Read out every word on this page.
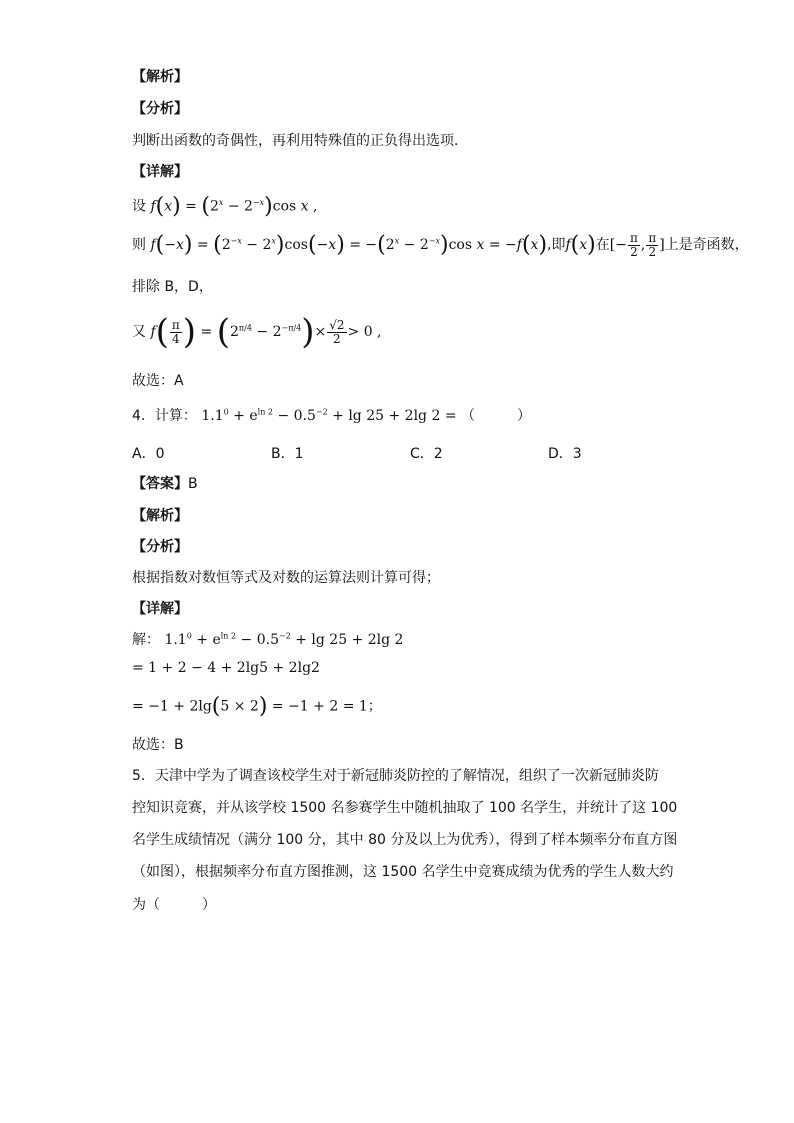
【解析】
【分析】
判断出函数的奇偶性，再利用特殊值的正负得出选项．
【详解】
设 $f(x) = (2^x - 2^{-x})\cos$ x ,
则 $f(-x) = (2^{-x} - 2^x)\cos(-x) = -(2^x - 2^{-x})\cos$ x = −f(x),即f(x)在[− $\frac{\pi}{2}$ , $\frac{\pi}{2}$ ]上是奇函数，
排除 B，D，
又 $f( \frac{\pi}{4}$ ) = $(2^{\pi/4} - 2^{-\pi/4})\times \frac{√2}{2} > 0$ ,
故选：A
4．计算： $1.1^0 + e^{ln 2} - 0.5^{-2} + \lg 25 + 2\lg$ 2 = （　　　）
A．0	B．1	C．2	D．3
【答案】B
【解析】
【分析】
根据指数对数恒等式及对数的运算法则计算可得；
【详解】
解： $1.1^0 + e^{ln 2} - 0.5^{-2} + \lg 25 + 2\lg$ 2
= 1 + 2 − 4 + 2lg5 + 2lg2
= −1 + 2lg(5 × 2) = −1 + 2 = 1；
故选：B
5．天津中学为了调查该校学生对于新冠肺炎防控的了解情况，组织了一次新冠肺炎防
控知识竞赛，并从该学校 1500 名参赛学生中随机抽取了 100 名学生，并统计了这 100
名学生成绩情况（满分 100 分，其中 80 分及以上为优秀），得到了样本频率分布直方图
（如图），根据频率分布直方图推测，这 1500 名学生中竞赛成绩为优秀的学生人数大约
为（　　　）
